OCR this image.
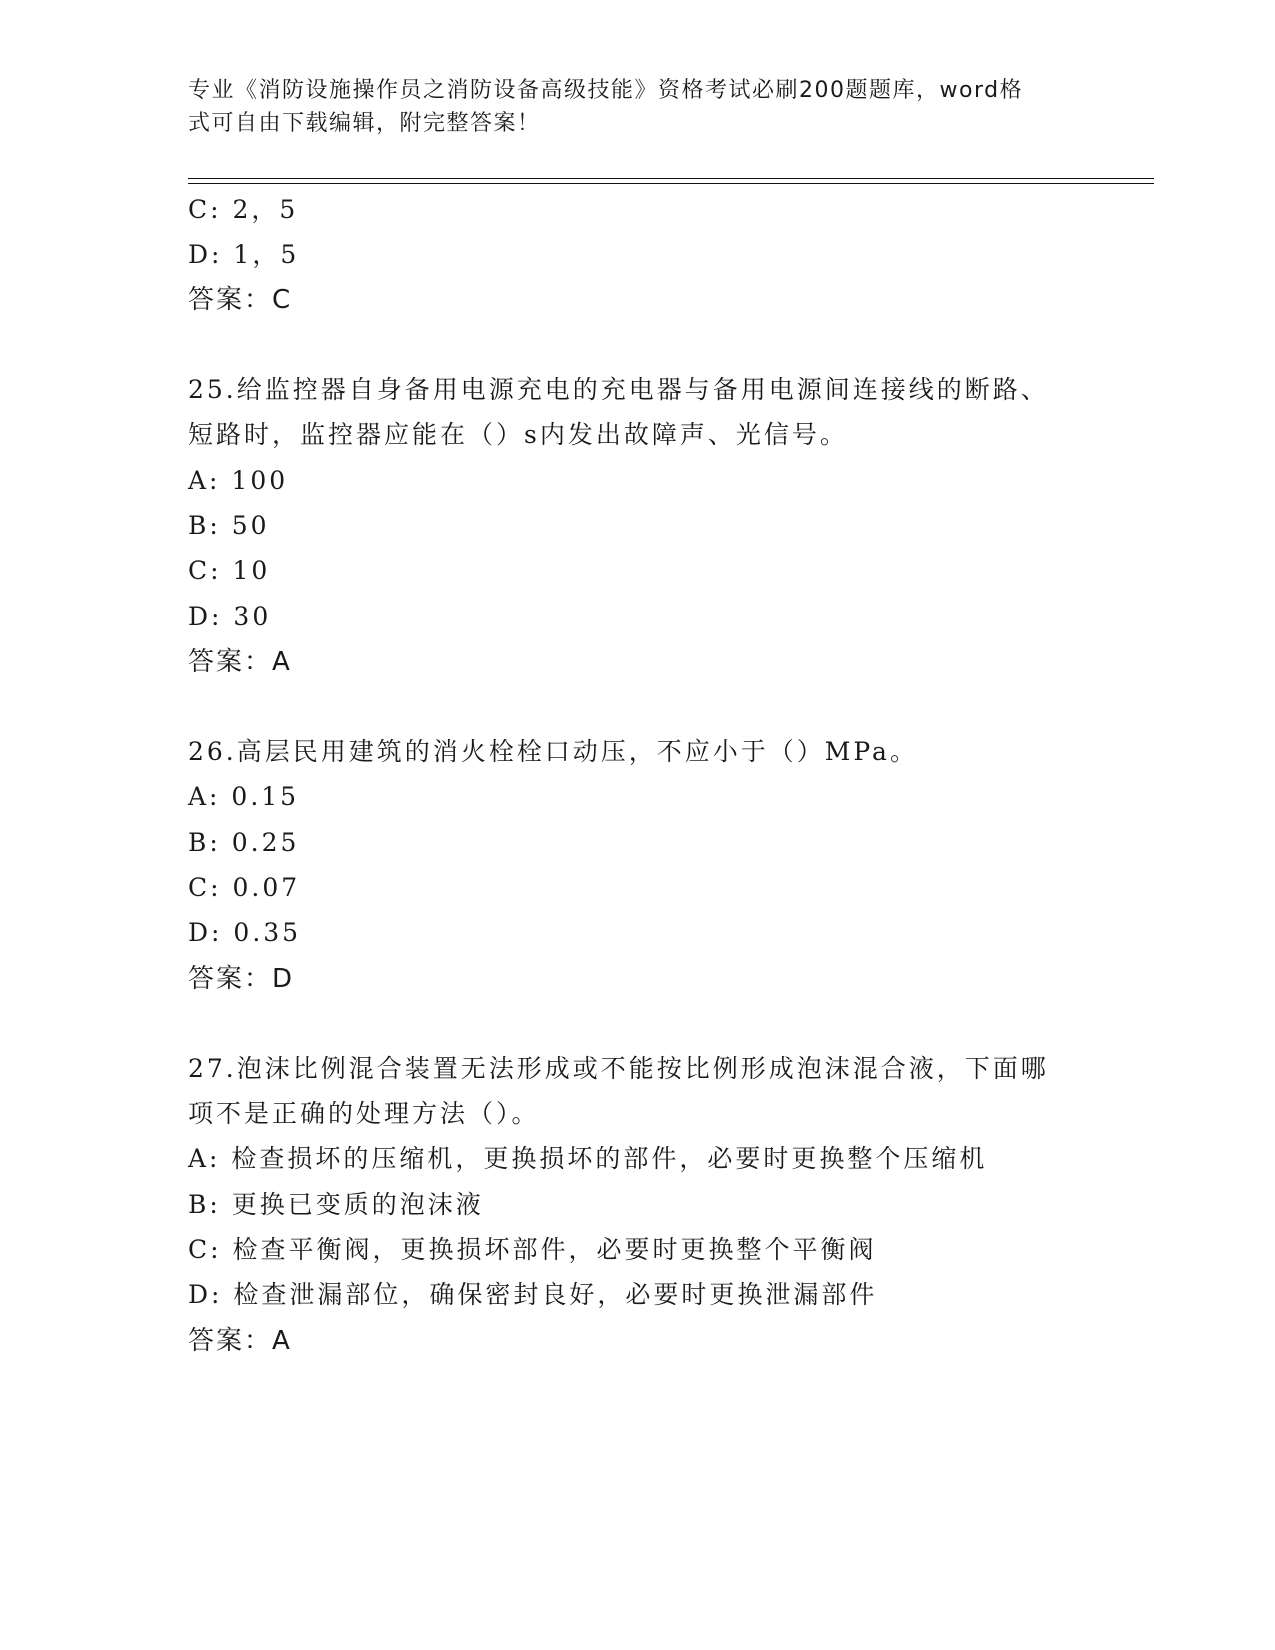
专业《消防设施操作员之消防设备高级技能》资格考试必刷200题题库，word格
式可自由下载编辑，附完整答案！
C: 2，5
D: 1，5
答案：C
25.给监控器自身备用电源充电的充电器与备用电源间连接线的断路、
短路时，监控器应能在（）s内发出故障声、光信号。
A: 100
B: 50
C: 10
D: 30
答案：A
26.高层民用建筑的消火栓栓口动压，不应小于（）MPa。
A: 0.15
B: 0.25
C: 0.07
D: 0.35
答案：D
27.泡沫比例混合装置无法形成或不能按比例形成泡沫混合液，下面哪
项不是正确的处理方法（）。
A: 检查损坏的压缩机，更换损坏的部件，必要时更换整个压缩机
B: 更换已变质的泡沫液
C: 检查平衡阀，更换损坏部件，必要时更换整个平衡阀
D: 检查泄漏部位，确保密封良好，必要时更换泄漏部件
答案：A
